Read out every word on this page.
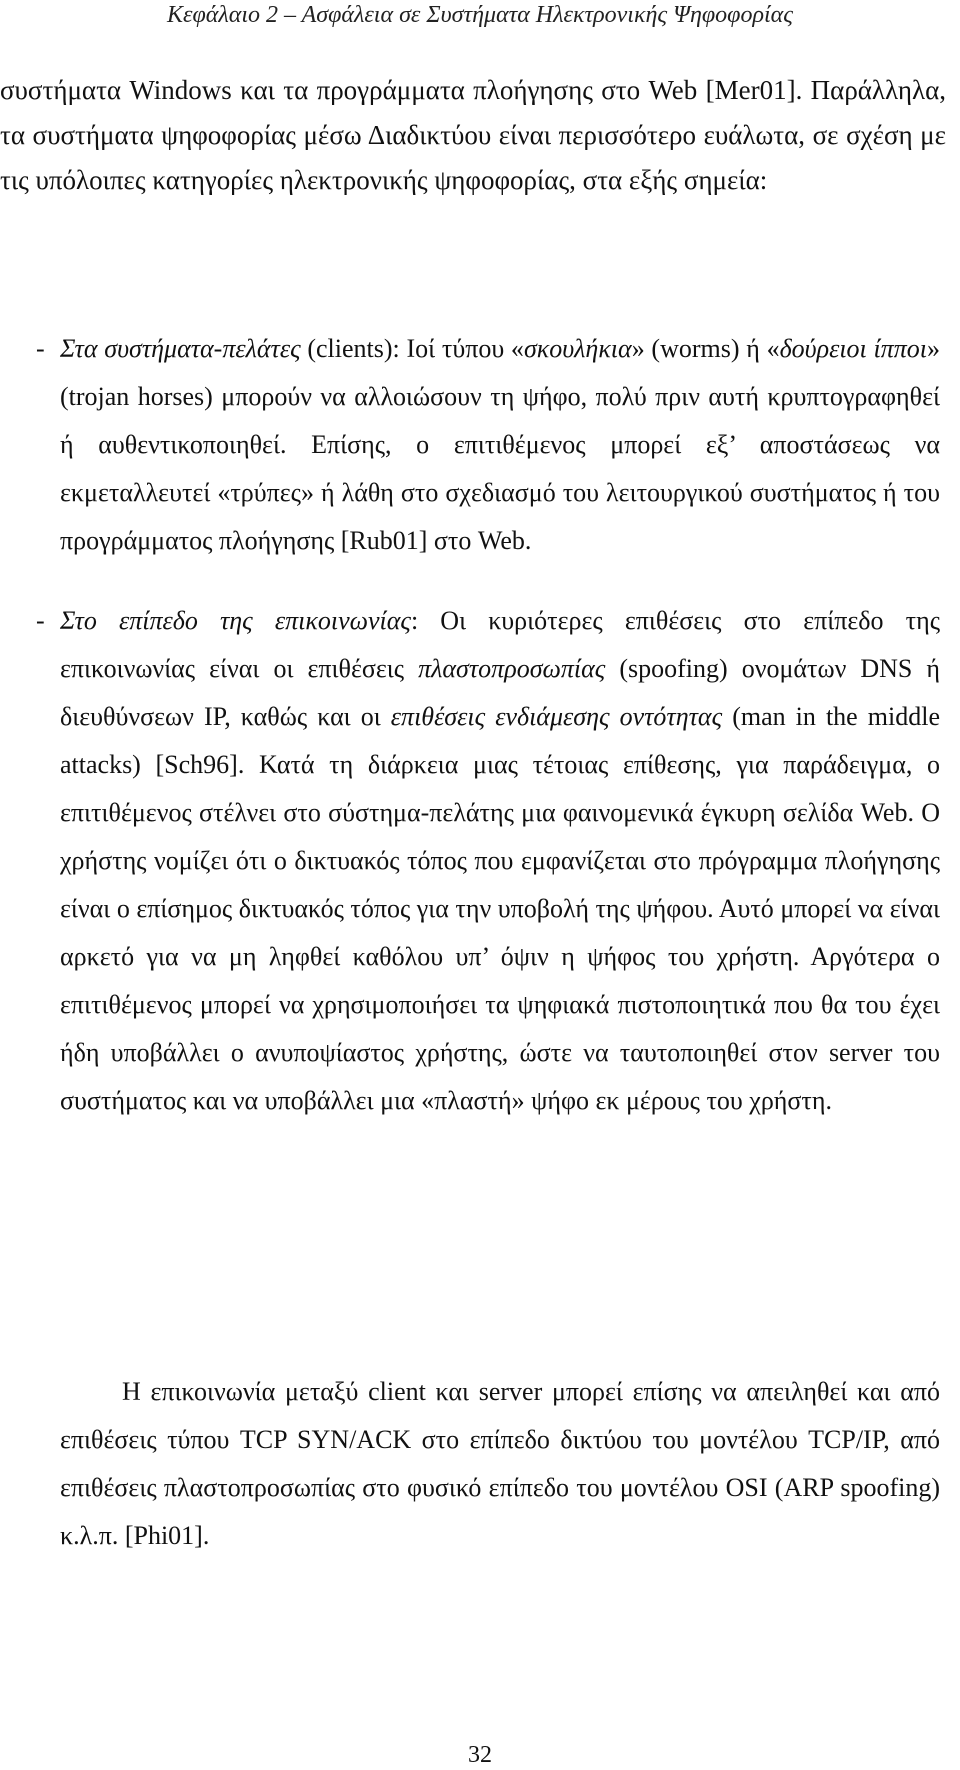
Κεφάλαιο 2 – Ασφάλεια σε Συστήματα Ηλεκτρονικής Ψηφοφορίας

συστήματα Windows και τα προγράμματα πλοήγησης στο Web [Mer01]. Παράλληλα, τα συστήματα ψηφοφορίας μέσω Διαδικτύου είναι περισσότερο ευάλωτα, σε σχέση με τις υπόλοιπες κατηγορίες ηλεκτρονικής ψηφοφορίας, στα εξής σημεία:

- Στα συστήματα-πελάτες (clients): Ιοί τύπου «σκουλήκια» (worms) ή «δούρειοι ίπποι» (trojan horses) μπορούν να αλλοιώσουν τη ψήφο, πολύ πριν αυτή κρυπτογραφηθεί ή αυθεντικοποιηθεί. Επίσης, ο επιτιθέμενος μπορεί εξ’ αποστάσεως να εκμεταλλευτεί «τρύπες» ή λάθη στο σχεδιασμό του λειτουργικού συστήματος ή του προγράμματος πλοήγησης [Rub01] στο Web.

- Στο επίπεδο της επικοινωνίας: Οι κυριότερες επιθέσεις στο επίπεδο της επικοινωνίας είναι οι επιθέσεις πλαστοπροσωπίας (spoofing) ονομάτων DNS ή διευθύνσεων IP, καθώς και οι επιθέσεις ενδιάμεσης οντότητας (man in the middle attacks) [Sch96]. Κατά τη διάρκεια μιας τέτοιας επίθεσης, για παράδειγμα, ο επιτιθέμενος στέλνει στο σύστημα-πελάτης μια φαινομενικά έγκυρη σελίδα Web. Ο χρήστης νομίζει ότι ο δικτυακός τόπος που εμφανίζεται στο πρόγραμμα πλοήγησης είναι ο επίσημος δικτυακός τόπος για την υποβολή της ψήφου. Αυτό μπορεί να είναι αρκετό για να μη ληφθεί καθόλου υπ’ όψιν η ψήφος του χρήστη. Αργότερα ο επιτιθέμενος μπορεί να χρησιμοποιήσει τα ψηφιακά πιστοποιητικά που θα του έχει ήδη υποβάλλει ο ανυποψίαστος χρήστης, ώστε να ταυτοποιηθεί στον server του συστήματος και να υποβάλλει μια «πλαστή» ψήφο εκ μέρους του χρήστη.

Η επικοινωνία μεταξύ client και server μπορεί επίσης να απειληθεί και από επιθέσεις τύπου TCP SYN/ACK στο επίπεδο δικτύου του μοντέλου TCP/IP, από επιθέσεις πλαστοπροσωπίας στο φυσικό επίπεδο του μοντέλου OSI (ARP spoofing) κ.λ.π. [Phi01].

32
